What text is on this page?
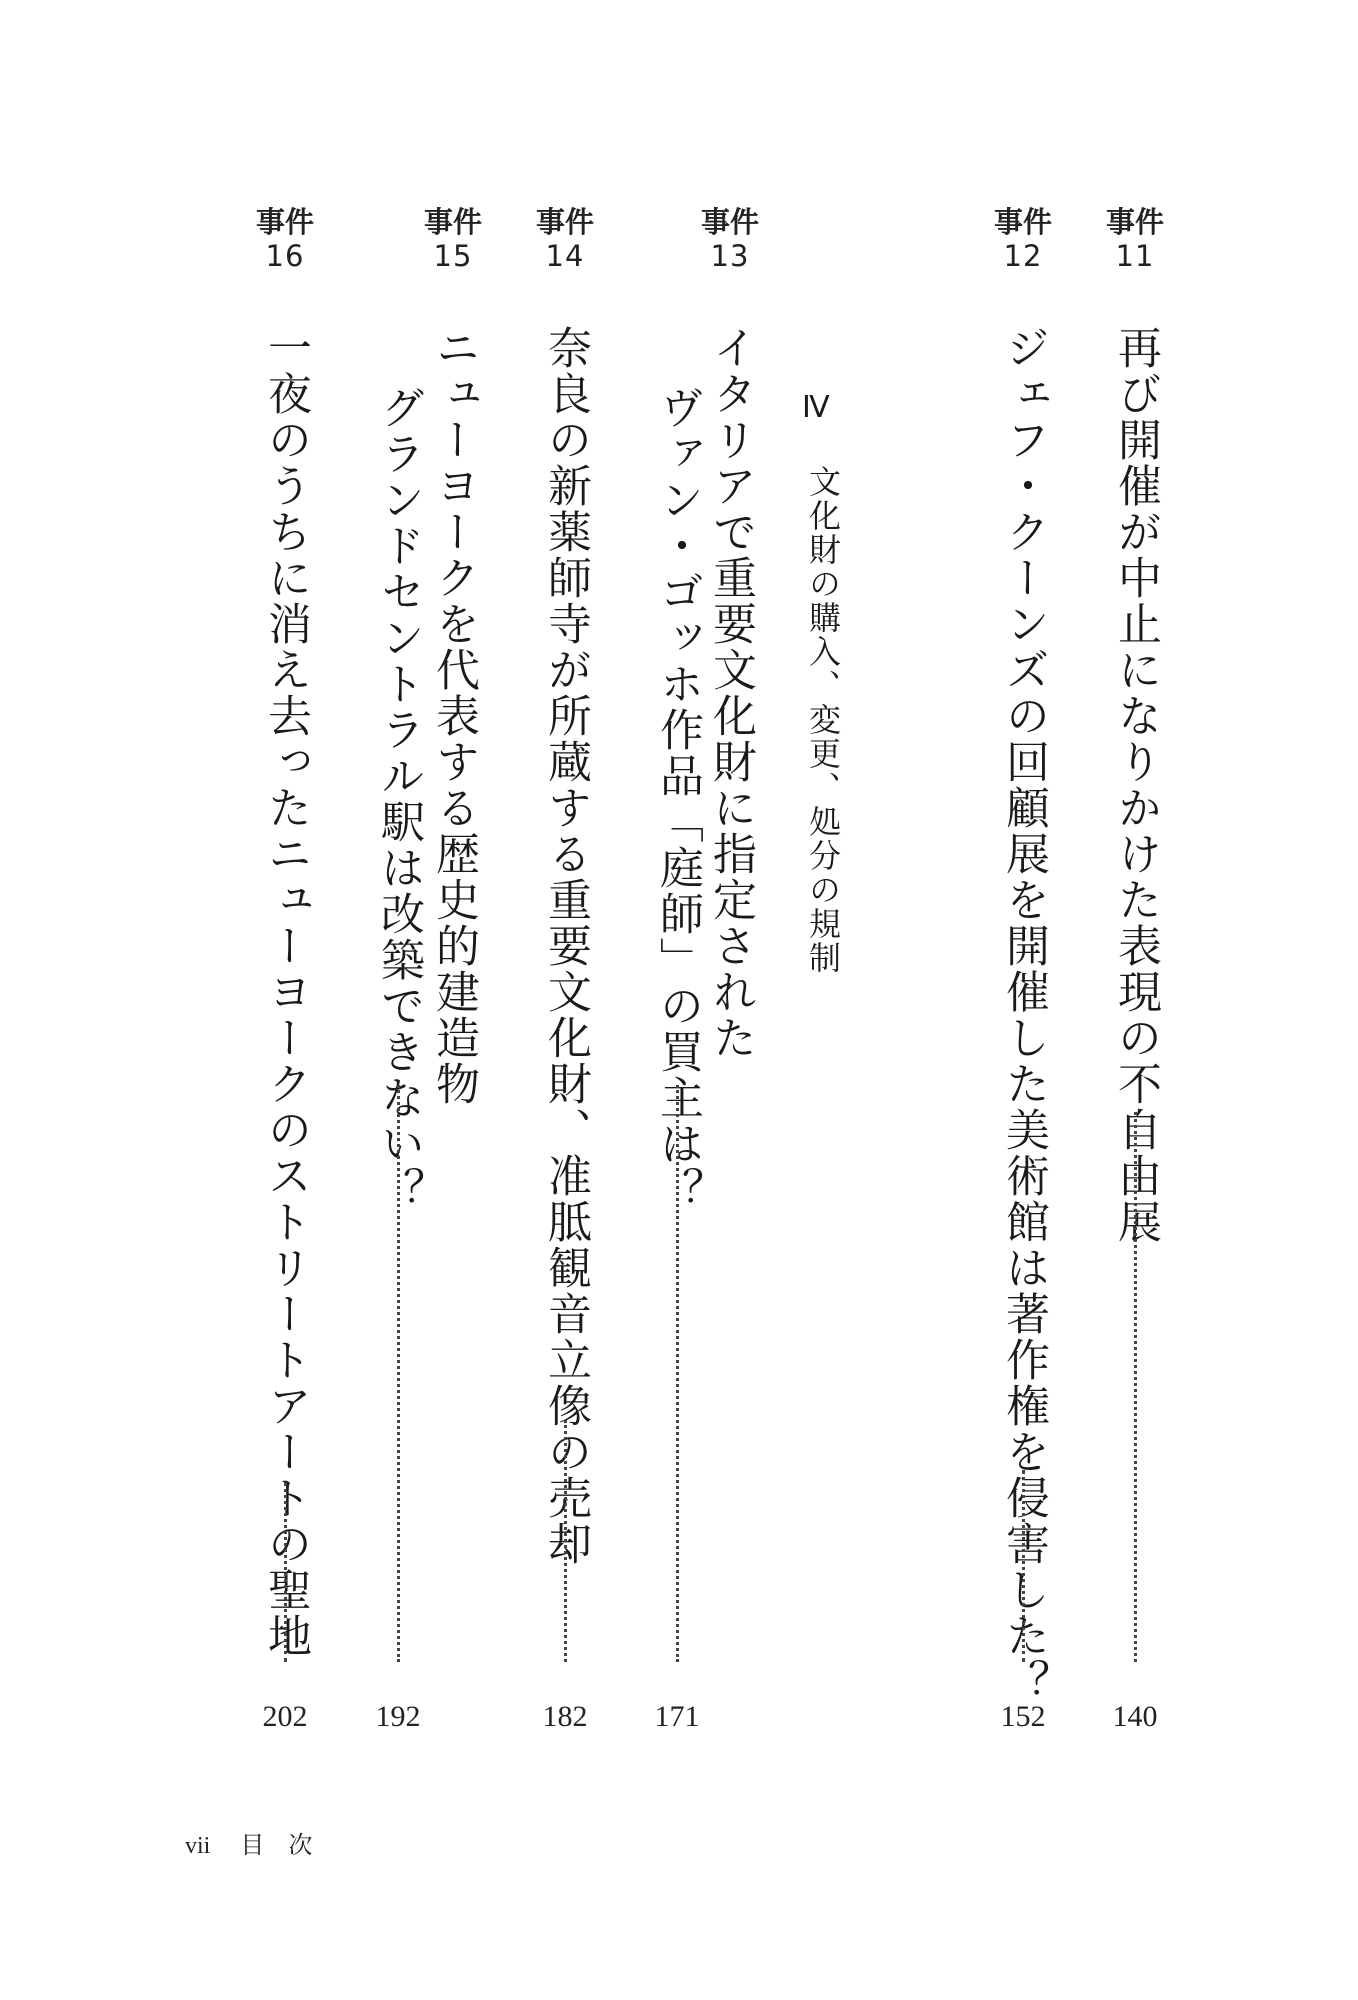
事件
11
再び開催が中止になりかけた表現の不自由展
140
事件
12
ジェフ・クーンズの回顧展を開催した美術館は著作権を侵害した？
152
Ⅳ
文化財の購入、変更、処分の規制
事件
13
イタリアで重要文化財に指定された
ヴァン・ゴッホ作品「庭師」の買主は？
171
事件
14
奈良の新薬師寺が所蔵する重要文化財、准胝観音立像の売却
182
事件
15
ニューヨークを代表する歴史的建造物
グランドセントラル駅は改築できない？
192
事件
16
一夜のうちに消え去ったニューヨークのストリートアートの聖地
202
vii 目　次
